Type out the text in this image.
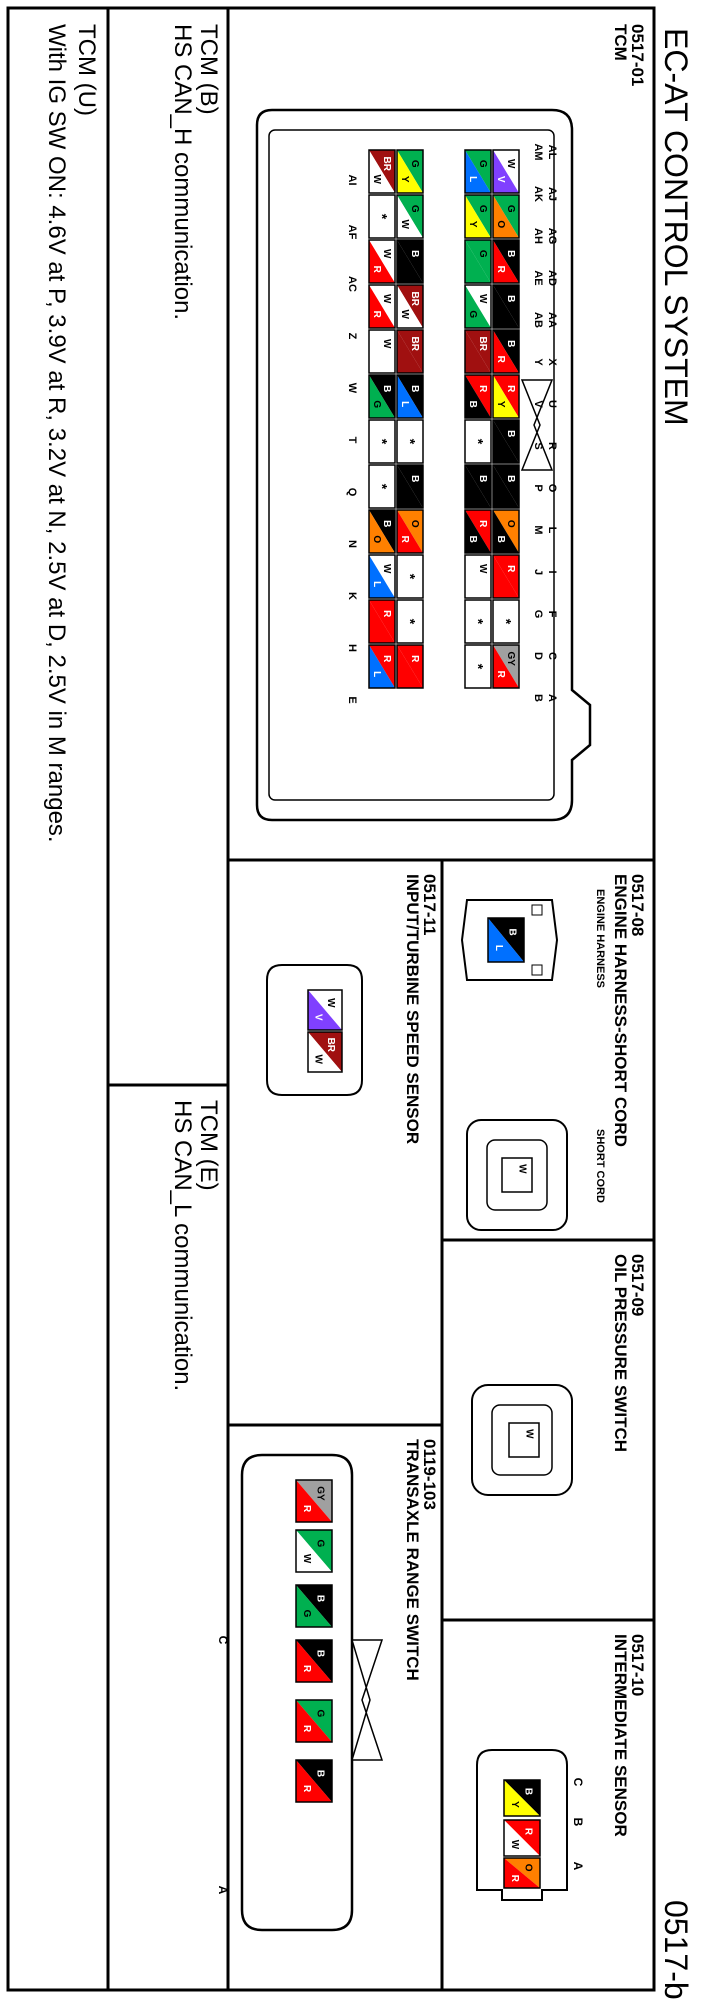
EC-AT CONTROL SYSTEM
0517-b
W
V
G
O
B
R
B
B
R
R
Y
B
B
O
B
R
*
GY
R
G
L
G
Y
G
W
G
BR
R
B
*
B
R
B
W
*
*
G
Y
G
W
B
BR
W
BR
B
L
*
B
O
R
*
*
R
BR
W
*
W
R
W
R
W
B
G
*
*
B
O
W
L
R
R
L
AL
AM
AJ
AK
AG
AH
AD
AE
AA
AB
X
Y
U
V
R
S
O
P
L
M
I
J
F
G
C
D
A
B
AI
AF
AC
Z
W
T
Q
N
K
H
E
B
L
W
W
B
Y
R
W
O
R
C
B
A
W
V
BR
W
GY
R
G
W
B
G
B
R
G
R
B
R
C
A
0517-01
TCM
0517-08
ENGINE HARNESS-SHORT CORD
ENGINE HARNESS
SHORT CORD
0517-09
OIL PRESSURE SWITCH
0517-10
INTERMEDIATE SENSOR
0517-11
INPUT/TURBINE SPEED SENSOR
0119-103
TRANSAXLE RANGE SWITCH
TCM (B)
HS CAN_H communication.
TCM (E)
HS CAN_L communication.
TCM (U)
With IG SW ON: 4.6V at P, 3.9V at R, 3.2V at N, 2.5V at D, 2.5V in M ranges.
